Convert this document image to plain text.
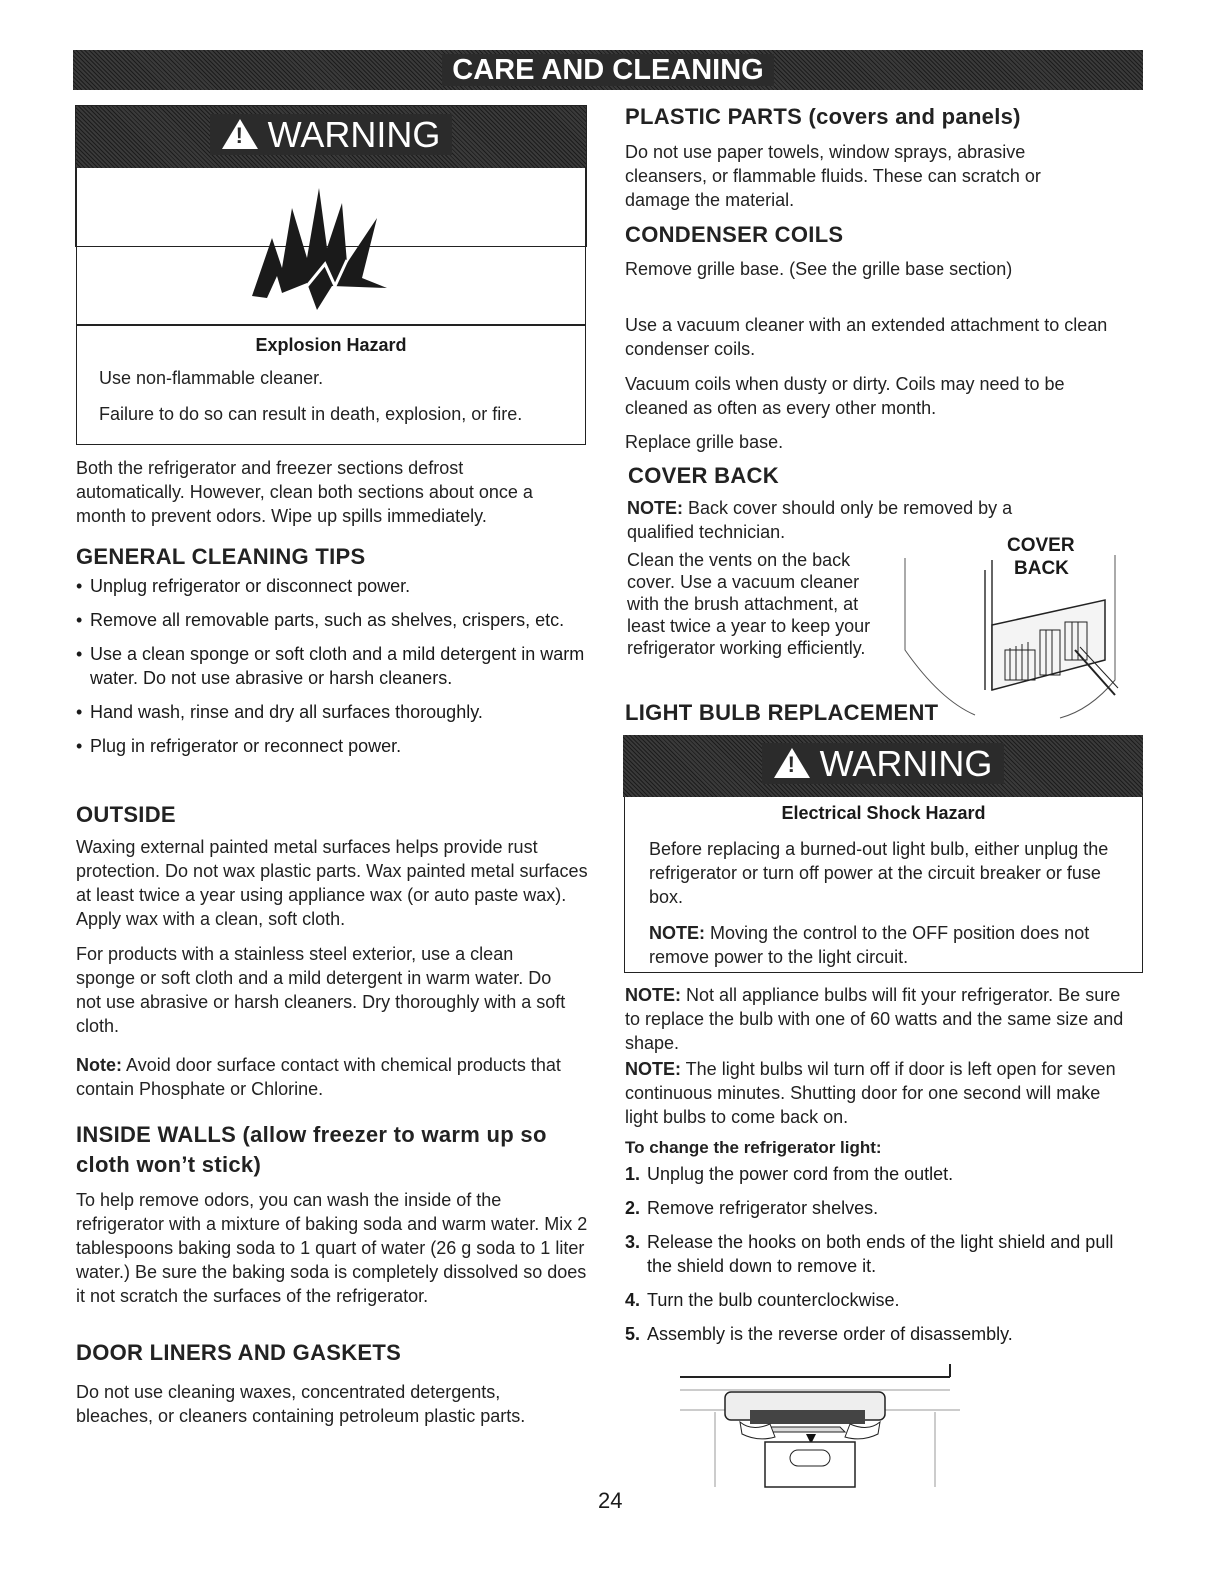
CARE AND CLEANING
!WARNING
Explosion Hazard

Use non-flammable cleaner.

Failure to do so can result in death, explosion, or fire.

Both the refrigerator and freezer sections defrost automatically. However, clean both sections about once a month to prevent odors. Wipe up spills immediately.

GENERAL CLEANING TIPS
• Unplug refrigerator or disconnect power.
• Remove all removable parts, such as shelves, crispers, etc.
• Use a clean sponge or soft cloth and a mild detergent in warm water. Do not use abrasive or harsh cleaners.
• Hand wash, rinse and dry all surfaces thoroughly.
• Plug in refrigerator or reconnect power.
OUTSIDE

Waxing external painted metal surfaces helps provide rust protection. Do not wax plastic parts. Wax painted metal surfaces at least twice a year using appliance wax (or auto paste wax). Apply wax with a clean, soft cloth.

For products with a stainless steel exterior, use a clean sponge or soft cloth and a mild detergent in warm water. Do not use abrasive or harsh cleaners. Dry thoroughly with a soft cloth.

Note: Avoid door surface contact with chemical products that contain Phosphate or Chlorine.

INSIDE WALLS (allow freezer to warm up so cloth won’t stick)

To help remove odors, you can wash the inside of the refrigerator with a mixture of baking soda and warm water. Mix 2 tablespoons baking soda to 1 quart of water (26 g soda to 1 liter water.) Be sure the baking soda is completely dissolved so does it not scratch the surfaces of the refrigerator.

DOOR LINERS AND GASKETS

Do not use cleaning waxes, concentrated detergents, bleaches, or cleaners containing petroleum plastic parts.

PLASTIC PARTS (covers and panels)

Do not use paper towels, window sprays, abrasive cleansers, or flammable fluids. These can scratch or damage the material.

CONDENSER COILS

Remove grille base. (See the grille base section)

Use a vacuum cleaner with an extended attachment to clean condenser coils.

Vacuum coils when dusty or dirty. Coils may need to be cleaned as often as every other month.

Replace grille base.

COVER BACK

NOTE: Back cover should only be removed by a qualified technician.

Clean the vents on the back cover. Use a vacuum cleaner with the brush attachment, at least twice a year to keep your refrigerator working efficiently.

COVER
BACK
LIGHT BULB REPLACEMENT
!WARNING
Electrical Shock Hazard

Before replacing a burned-out light bulb, either unplug the refrigerator or turn off power at the circuit breaker or fuse box.

NOTE: Moving the control to the OFF position does not remove power to the light circuit.

NOTE: Not all appliance bulbs will fit your refrigerator. Be sure to replace the bulb with one of 60 watts and the same size and shape.

NOTE: The light bulbs wil turn off if door is left open for seven continuous minutes. Shutting door for one second will make light bulbs to come back on.

To change the refrigerator light:

1. Unplug the power cord from the outlet.
2. Remove refrigerator shelves.
3. Release the hooks on both ends of the light shield and pull the shield down to remove it.
4. Turn the bulb counterclockwise.
5. Assembly is the reverse order of disassembly.
24
